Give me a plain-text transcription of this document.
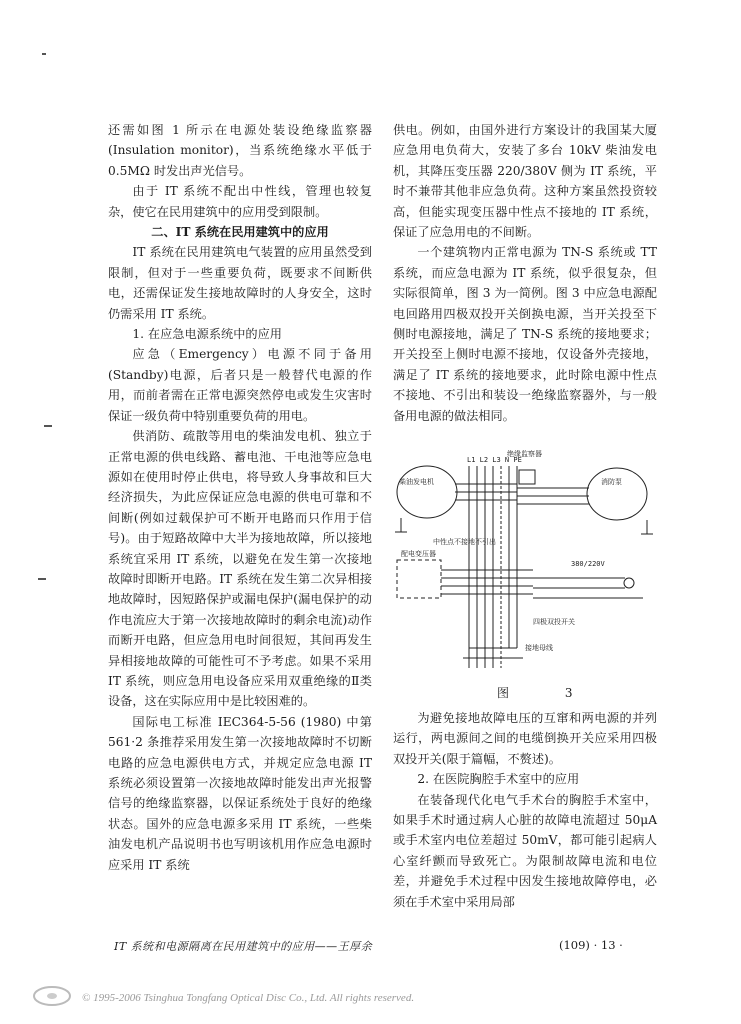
还需如图 1 所示在电源处装设绝缘监察器(Insulation monitor)，当系统绝缘水平低于 0.5MΩ 时发出声光信号。

由于 IT 系统不配出中性线，管理也较复杂，使它在民用建筑中的应用受到限制。

二、IT 系统在民用建筑中的应用

IT 系统在民用建筑电气装置的应用虽然受到限制，但对于一些重要负荷，既要求不间断供电，还需保证发生接地故障时的人身安全，这时仍需采用 IT 系统。

1. 在应急电源系统中的应用

应急（Emergency）电源不同于备用(Standby)电源，后者只是一般替代电源的作用，而前者需在正常电源突然停电或发生灾害时保证一级负荷中特别重要负荷的用电。

供消防、疏散等用电的柴油发电机、独立于正常电源的供电线路、蓄电池、干电池等应急电源如在使用时停止供电，将导致人身事故和巨大经济损失，为此应保证应急电源的供电可靠和不间断(例如过载保护可不断开电路而只作用于信号)。由于短路故障中大半为接地故障，所以接地系统宜采用 IT 系统，以避免在发生第一次接地故障时即断开电路。IT 系统在发生第二次异相接地故障时，因短路保护或漏电保护(漏电保护的动作电流应大于第一次接地故障时的剩余电流)动作而断开电路，但应急用电时间很短，其间再发生异相接地故障的可能性可不予考虑。如果不采用 IT 系统，则应急用电设备应采用双重绝缘的Ⅱ类设备，这在实际应用中是比较困难的。

国际电工标准 IEC364-5-56 (1980) 中第 561·2 条推荐采用发生第一次接地故障时不切断电路的应急电源供电方式，并规定应急电源 IT 系统必须设置第一次接地故障时能发出声光报警信号的绝缘监察器，以保证系统处于良好的绝缘状态。国外的应急电源多采用 IT 系统，一些柴油发电机产品说明书也写明该机用作应急电源时应采用 IT 系统

供电。例如，由国外进行方案设计的我国某大厦应急用电负荷大，安装了多台 10kV 柴油发电机，其降压变压器 220/380V 侧为 IT 系统，平时不兼带其他非应急负荷。这种方案虽然投资较高，但能实现变压器中性点不接地的 IT 系统，保证了应急用电的不间断。

一个建筑物内正常电源为 TN-S 系统或 TT 系统，而应急电源为 IT 系统，似乎很复杂，但实际很简单，图 3 为一简例。图 3 中应急电源配电回路用四极双投开关倒换电源，当开关投至下侧时电源接地，满足了 TN-S 系统的接地要求；开关投至上侧时电源不接地，仅设备外壳接地，满足了 IT 系统的接地要求，此时除电源中性点不接地、不引出和装设一绝缘监察器外，与一般备用电源的做法相同。

L1 L2 L3 N PE
绝缘监察器
柴油发电机	消防泵
中性点不接地不引出
配电变压器
380/220V
四极双投开关
接地母线
图 3

为避免接地故障电压的互窜和两电源的并列运行，两电源间之间的电缆倒换开关应采用四极双投开关(限于篇幅，不赘述)。

2. 在医院胸腔手术室中的应用

在装备现代化电气手术台的胸腔手术室中，如果手术时通过病人心脏的故障电流超过 50μA 或手术室内电位差超过 50mV，都可能引起病人心室纤颤而导致死亡。为限制故障电流和电位差，并避免手术过程中因发生接地故障停电，必须在手术室中采用局部

IT 系统和电源隔离在民用建筑中的应用——王厚余	(109) · 13 ·
© 1995-2006 Tsinghua Tongfang Optical Disc Co., Ltd. All rights reserved.
